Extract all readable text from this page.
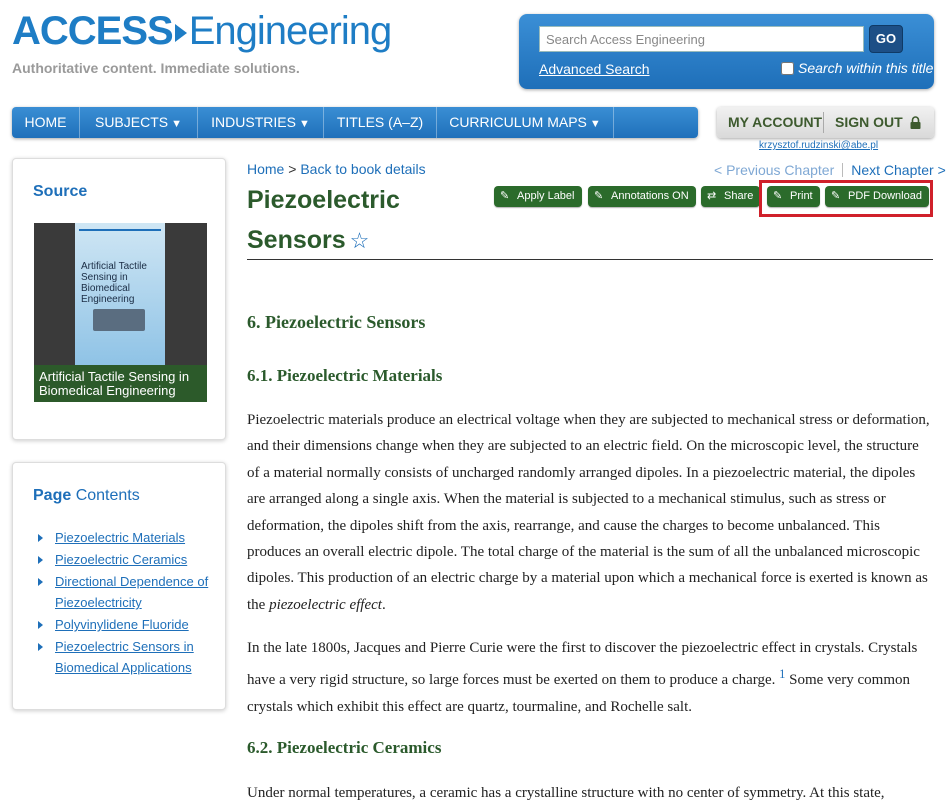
ACCESS Engineering
Authoritative content. Immediate solutions.
Search Access Engineering
GO
Advanced Search	Search within this title
HOME	SUBJECTS ▼	INDUSTRIES ▼	TITLES (A–Z)	CURRICULUM MAPS ▼	MY ACCOUNT SIGN OUT
krzysztof.rudzinski@abe.pl
Source
Artificial Tactile Sensing in Biomedical Engineering
Artificial Tactile Sensing in Biomedical Engineering
Page Contents
Piezoelectric Materials
Piezoelectric Ceramics
Directional Dependence of Piezoelectricity
Polyvinylidene Fluoride
Piezoelectric Sensors in Biomedical Applications
Home > Back to book details	< Previous Chapter Next Chapter >
Piezoelectric Sensors ☆
✎ Apply Label	✎ Annotations ON	⇄ Share	✎ Print	✎ PDF Download
6. Piezoelectric Sensors
6.1. Piezoelectric Materials

Piezoelectric materials produce an electrical voltage when they are subjected to mechanical stress or deformation, and their dimensions change when they are subjected to an electric field. On the microscopic level, the structure of a material normally consists of uncharged randomly arranged dipoles. In a piezoelectric material, the dipoles are arranged along a single axis. When the material is subjected to a mechanical stimulus, such as stress or deformation, the dipoles shift from the axis, rearrange, and cause the charges to become unbalanced. This produces an overall electric dipole. The total charge of the material is the sum of all the unbalanced microscopic dipoles. This production of an electric charge by a material upon which a mechanical force is exerted is known as the piezoelectric effect.

In the late 1800s, Jacques and Pierre Curie were the first to discover the piezoelectric effect in crystals. Crystals have a very rigid structure, so large forces must be exerted on them to produce a charge. $^1$ Some very common crystals which exhibit this effect are quartz, tourmaline, and Rochelle salt.

6.2. Piezoelectric Ceramics

Under normal temperatures, a ceramic has a crystalline structure with no center of symmetry. At this state,
